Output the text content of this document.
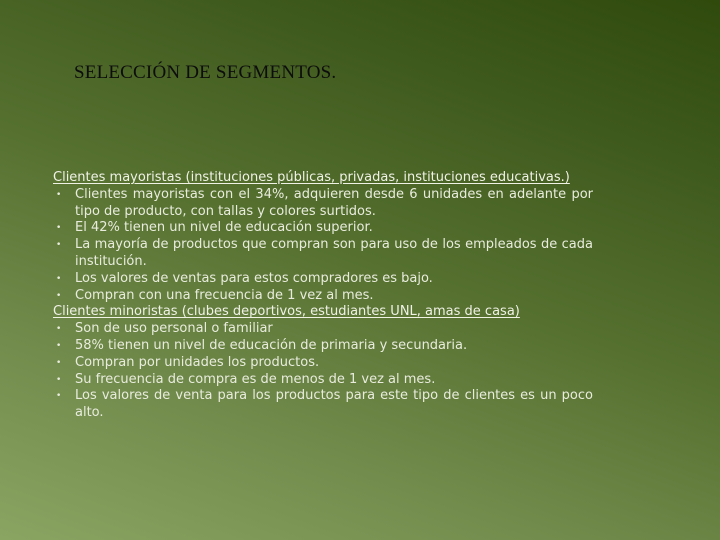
SELECCIÓN DE SEGMENTOS.
Clientes mayoristas (instituciones públicas, privadas, instituciones educativas.)
• Clientes mayoristas con el 34%, adquieren desde 6 unidades en adelante por tipo de producto, con tallas y colores surtidos.
• El 42% tienen un nivel de educación superior.
• La mayoría de productos que compran son para uso de los empleados de cada institución.
• Los valores de ventas para estos compradores es bajo.
• Compran con una frecuencia de 1 vez al mes.
Clientes minoristas (clubes deportivos, estudiantes UNL, amas de casa)
• Son de uso personal o familiar
• 58% tienen un nivel de educación de primaria y secundaria.
• Compran por unidades los productos.
• Su frecuencia de compra es de menos de 1 vez al mes.
• Los valores de venta para los productos para este tipo de clientes es un poco alto.
